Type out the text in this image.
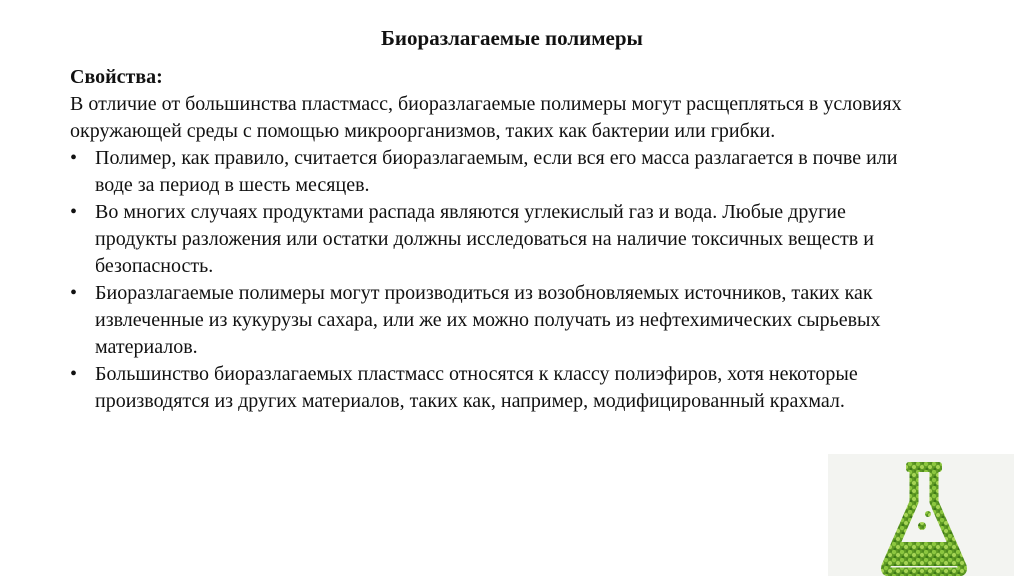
Биоразлагаемые полимеры

Свойства:

В отличие от большинства пластмасс, биоразлагаемые полимеры могут расщепляться в условиях окружающей среды с помощью микроорганизмов, таких как бактерии или грибки.

• Полимер, как правило, считается биоразлагаемым, если вся его масса разлагается в почве или воде за период в шесть месяцев.
• Во многих случаях продуктами распада являются углекислый газ и вода. Любые другие продукты разложения или остатки должны исследоваться на наличие токсичных веществ и безопасность.
• Биоразлагаемые полимеры могут производиться из возобновляемых источников, таких как извлеченные из кукурузы сахара, или же их можно получать из нефтехимических сырьевых материалов.
• Большинство биоразлагаемых пластмасс относятся к классу полиэфиров, хотя некоторые производятся из других материалов, таких как, например, модифицированный крахмал.
